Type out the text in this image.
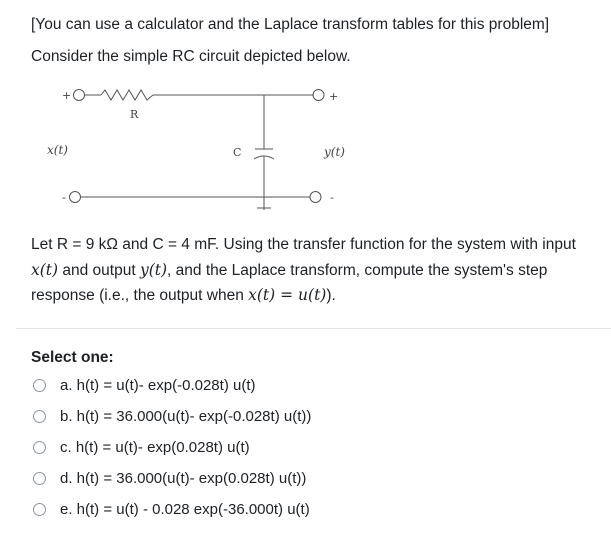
[You can use a calculator and the Laplace transform tables for this problem]
Consider the simple RC circuit depicted below.
+
-
+
-
R
C
x(t)	y(t)
Let R = 9 kΩ and C = 4 mF. Using the transfer function for the system with input x(t) and output y(t), and the Laplace transform, compute the system's step response (i.e., the output when x(t) = u(t)).
Select one:
a. h(t) = u(t)- exp(-0.028t) u(t)
b. h(t) = 36.000(u(t)- exp(-0.028t) u(t))
c. h(t) = u(t)- exp(0.028t) u(t)
d. h(t) = 36.000(u(t)- exp(0.028t) u(t))
e. h(t) = u(t) - 0.028 exp(-36.000t) u(t)
